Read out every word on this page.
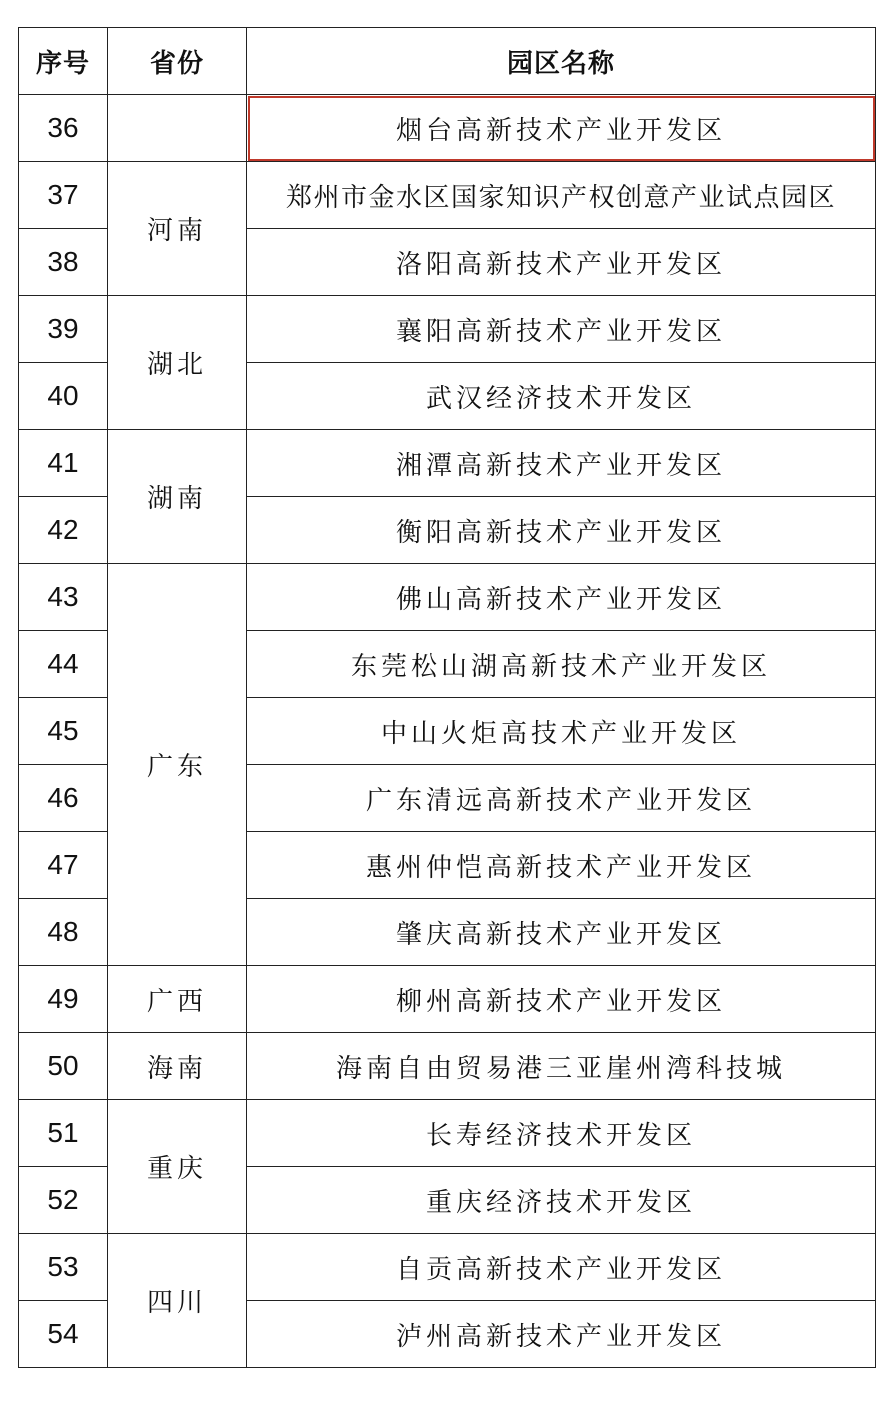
序号	省份	园区名称
36		烟台高新技术产业开发区
37	河南	郑州市金水区国家知识产权创意产业试点园区
38		洛阳高新技术产业开发区
39	湖北	襄阳高新技术产业开发区
40		武汉经济技术开发区
41	湖南	湘潭高新技术产业开发区
42		衡阳高新技术产业开发区
43	广东	佛山高新技术产业开发区
44		东莞松山湖高新技术产业开发区
45		中山火炬高技术产业开发区
46		广东清远高新技术产业开发区
47		惠州仲恺高新技术产业开发区
48		肇庆高新技术产业开发区
49	广西	柳州高新技术产业开发区
50	海南	海南自由贸易港三亚崖州湾科技城
51	重庆	长寿经济技术开发区
52		重庆经济技术开发区
53	四川	自贡高新技术产业开发区
54		泸州高新技术产业开发区
